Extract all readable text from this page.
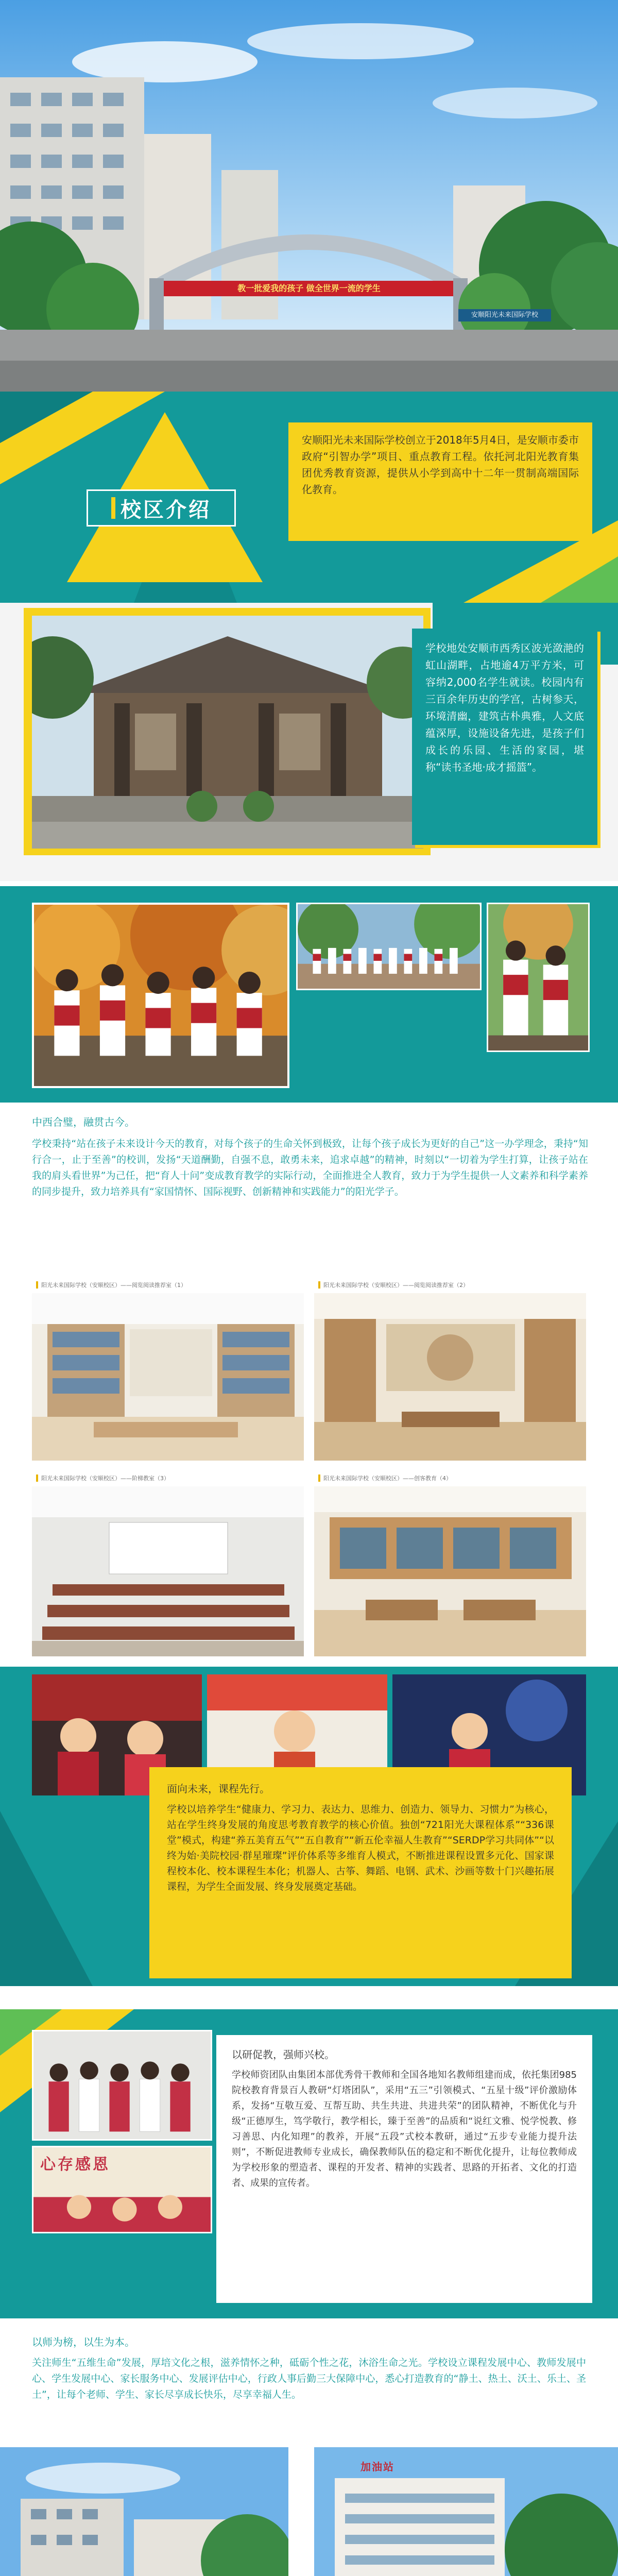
教一批爱我的孩子 做全世界一流的学生
安顺阳光未来国际学校
校区介绍

安顺阳光未来国际学校创立于2018年5月4日，是安顺市委市政府“引智办学”项目、重点教育工程。依托河北阳光教育集团优秀教育资源，提供从小学到高中十二年一贯制高端国际化教育。

学校地处安顺市西秀区波光潋滟的虹山湖畔，占地逾4万平方米，可容纳2,000名学生就读。校园内有三百余年历史的学宫，古树参天，环境清幽，建筑古朴典雅，人文底蕴深厚，设施设备先进，是孩子们成长的乐园、生活的家园，堪称“读书圣地·成才摇篮”。

中西合璧，融贯古今。

学校秉持“站在孩子未来设计今天的教育，对每个孩子的生命关怀到极致，让每个孩子成长为更好的自己”这一办学理念，秉持“知行合一，止于至善”的校训，发扬“天道酬勤，自强不息，敢勇未来，追求卓越”的精神，时刻以“一切着为学生打算，让孩子站在我的肩头看世界”为己任，把“育人十问”变成教育教学的实际行动，全面推进全人教育，致力于为学生提供一人文素养和科学素养的同步提升，致力培养具有“家国情怀、国际视野、创新精神和实践能力”的阳光学子。

阳光未来国际学校（安顺校区）——阅览阅读推荐室（1）	阳光未来国际学校（安顺校区）——阅览阅读推荐室（2）
阳光未来国际学校（安顺校区）——阶梯教室（3）	阳光未来国际学校（安顺校区）——创客教育（4）
面向未来，课程先行。

学校以培养学生“健康力、学习力、表达力、思维力、创造力、领导力、习惯力”为核心，站在学生终身发展的角度思考教育教学的核心价值。独创“721阳光大课程体系”“336课堂”模式，构建“养五美育五气”“五自教育”“新五伦幸福人生教育”“SERDP学习共同体”“以终为始·美院校园·群星璀璨”评价体系等多维育人模式，不断推进课程设置多元化、国家课程校本化、校本课程生本化；机器人、古筝、舞蹈、电钢、武术、沙画等数十门兴趣拓展课程，为学生全面发展、终身发展奠定基础。

心存感恩
以研促教，强师兴校。

学校师资团队由集团本部优秀骨干教师和全国各地知名教师组建而成，依托集团985院校教育背景百人教研“灯塔团队”，采用“五三”引领模式、“五星十级”评价激励体系，发扬“互敬互爱、互帮互助、共生共进、共进共荣”的团队精神，不断优化与升级“正德厚生，笃学敬行，教学相长，臻于至善”的品质和“说红文雅、悦学悦教、修习善思、内化知理”的教养，开展“五段”式校本教研，通过“五步专业能力提升法则”，不断促进教师专业成长，确保教师队伍的稳定和不断优化提升，让每位教师成为学校形象的塑造者、课程的开发者、精神的实践者、思路的开拓者、文化的打造者、成果的宣传者。

以师为榜，以生为本。

关注师生“五维生命”发展，厚培文化之根，滋养情怀之种，砥砺个性之花，沐浴生命之光。学校设立课程发展中心、教师发展中心、学生发展中心、家长服务中心、发展评估中心，行政人事后勤三大保障中心，悉心打造教育的“静土、热土、沃土、乐土、圣土”，让每个老师、学生、家长尽享成长快乐，尽享幸福人生。

加油站
